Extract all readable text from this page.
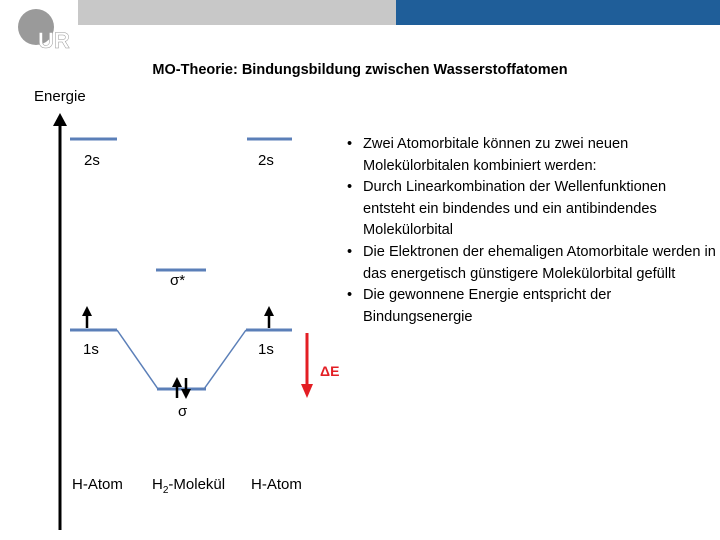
UR
MO-Theorie: Bindungsbildung zwischen Wasserstoffatomen
Energie
2s	2s
σ*
1s	1s
σ
H-Atom $H_2$-Molekül H-Atom
ΔE
• Zwei Atomorbitale können zu zwei neuen Molekülorbitalen kombiniert werden:
• Durch Linearkombination der Wellenfunktionen entsteht ein bindendes und ein antibindendes Molekülorbital
• Die Elektronen der ehemaligen Atomorbitale werden in das energetisch günstigere Molekülorbital gefüllt
• Die gewonnene Energie entspricht der Bindungsenergie
